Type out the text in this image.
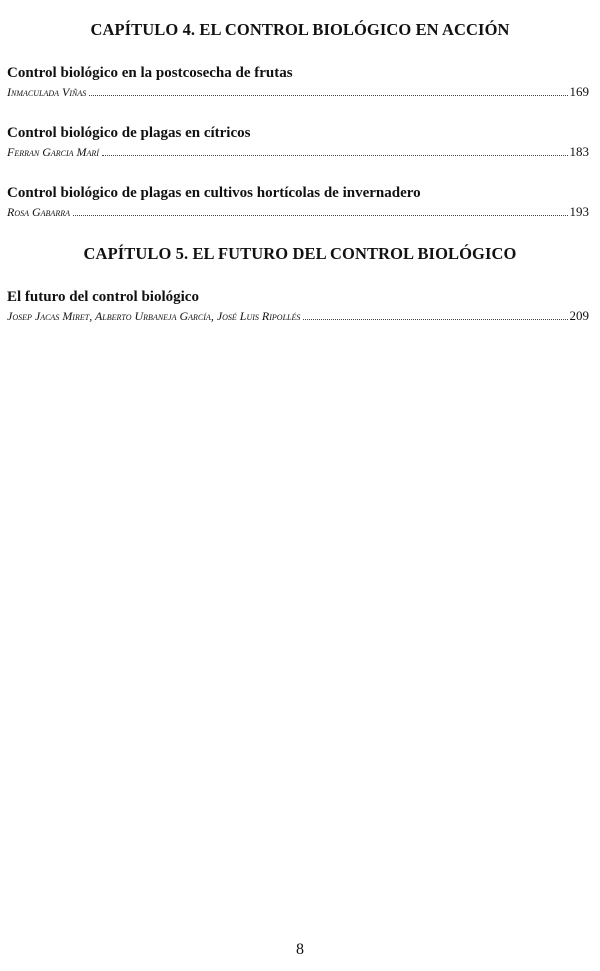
CAPÍTULO 4. EL CONTROL BIOLÓGICO EN ACCIÓN
Control biológico en la postcosecha de frutas
Inmaculada Viñas	169
Control biológico de plagas en cítricos
Ferran Garcia Marí	183
Control biológico de plagas en cultivos hortícolas de invernadero
Rosa Gabarra	193
CAPÍTULO 5. EL FUTURO DEL CONTROL BIOLÓGICO
El futuro del control biológico
Josep Jacas Miret, Alberto Urbaneja García, José Luis Ripollés	209
8
